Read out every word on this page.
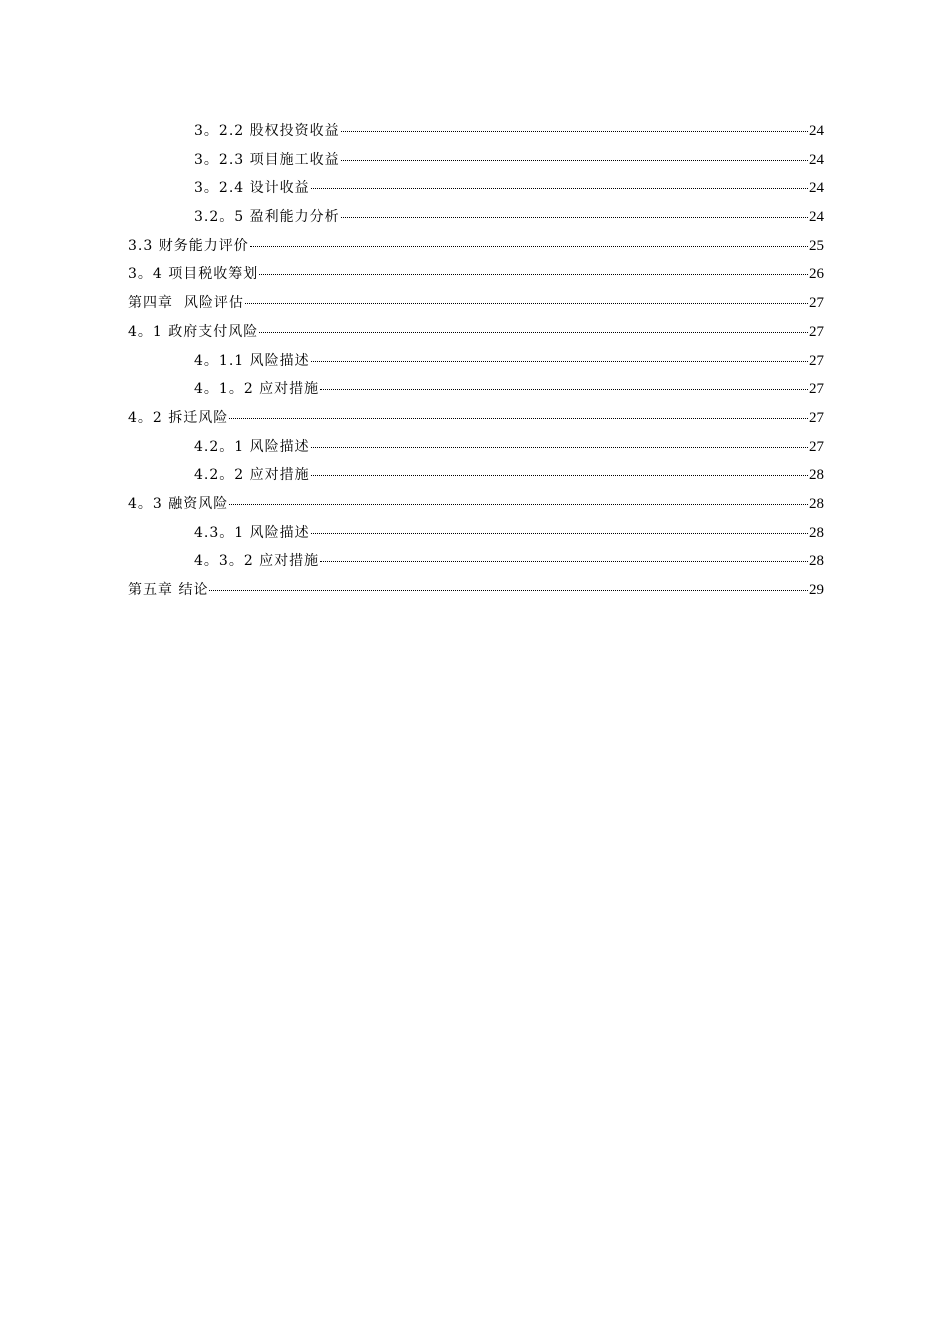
3。2.2 股权投资收益	24
3。2.3 项目施工收益	24
3。2.4 设计收益	24
3.2。5 盈利能力分析	24
3.3 财务能力评价	25
3。4 项目税收筹划	26
第四章  风险评估	27
4。1 政府支付风险	27
4。1.1 风险描述	27
4。1。2 应对措施	27
4。2 拆迁风险	27
4.2。1 风险描述	27
4.2。2 应对措施	28
4。3 融资风险	28
4.3。1 风险描述	28
4。3。2 应对措施	28
第五章 结论	29
